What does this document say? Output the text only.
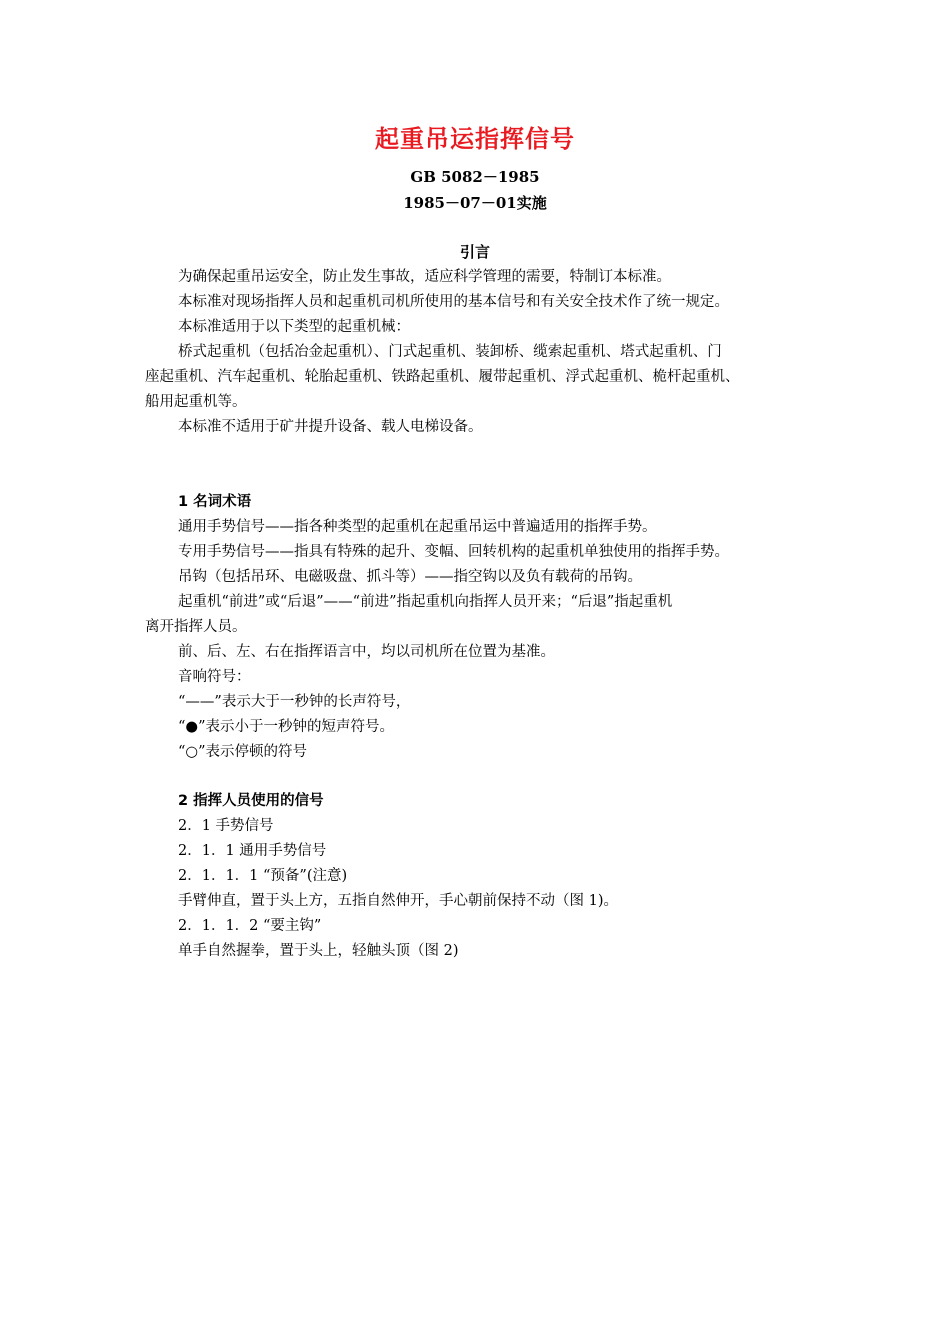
起重吊运指挥信号
GB 5082－1985
1985－07－01实施
引言
为确保起重吊运安全，防止发生事故，适应科学管理的需要，特制订本标准。
本标准对现场指挥人员和起重机司机所使用的基本信号和有关安全技术作了统一规定。
本标准适用于以下类型的起重机械：
桥式起重机（包括冶金起重机）、门式起重机、装卸桥、缆索起重机、塔式起重机、门
座起重机、汽车起重机、轮胎起重机、铁路起重机、履带起重机、浮式起重机、桅杆起重机、
船用起重机等。
本标准不适用于矿井提升设备、载人电梯设备。
1 名词术语
通用手势信号——指各种类型的起重机在起重吊运中普遍适用的指挥手势。
专用手势信号——指具有特殊的起升、变幅、回转机构的起重机单独使用的指挥手势。
吊钩（包括吊环、电磁吸盘、抓斗等）——指空钩以及负有载荷的吊钩。
起重机“前进”或“后退”——“前进”指起重机向指挥人员开来；“后退”指起重机
离开指挥人员。
前、后、左、右在指挥语言中，均以司机所在位置为基准。
音响符号：
“——”表示大于一秒钟的长声符号，
“●”表示小于一秒钟的短声符号。
“○”表示停顿的符号
2 指挥人员使用的信号
2．1 手势信号
2．1．1 通用手势信号
2．1．1．1 “预备”(注意)
手臂伸直，置于头上方，五指自然伸开，手心朝前保持不动（图 1)。
2．1．1．2 “要主钩”
单手自然握拳，置于头上，轻触头顶（图 2)
